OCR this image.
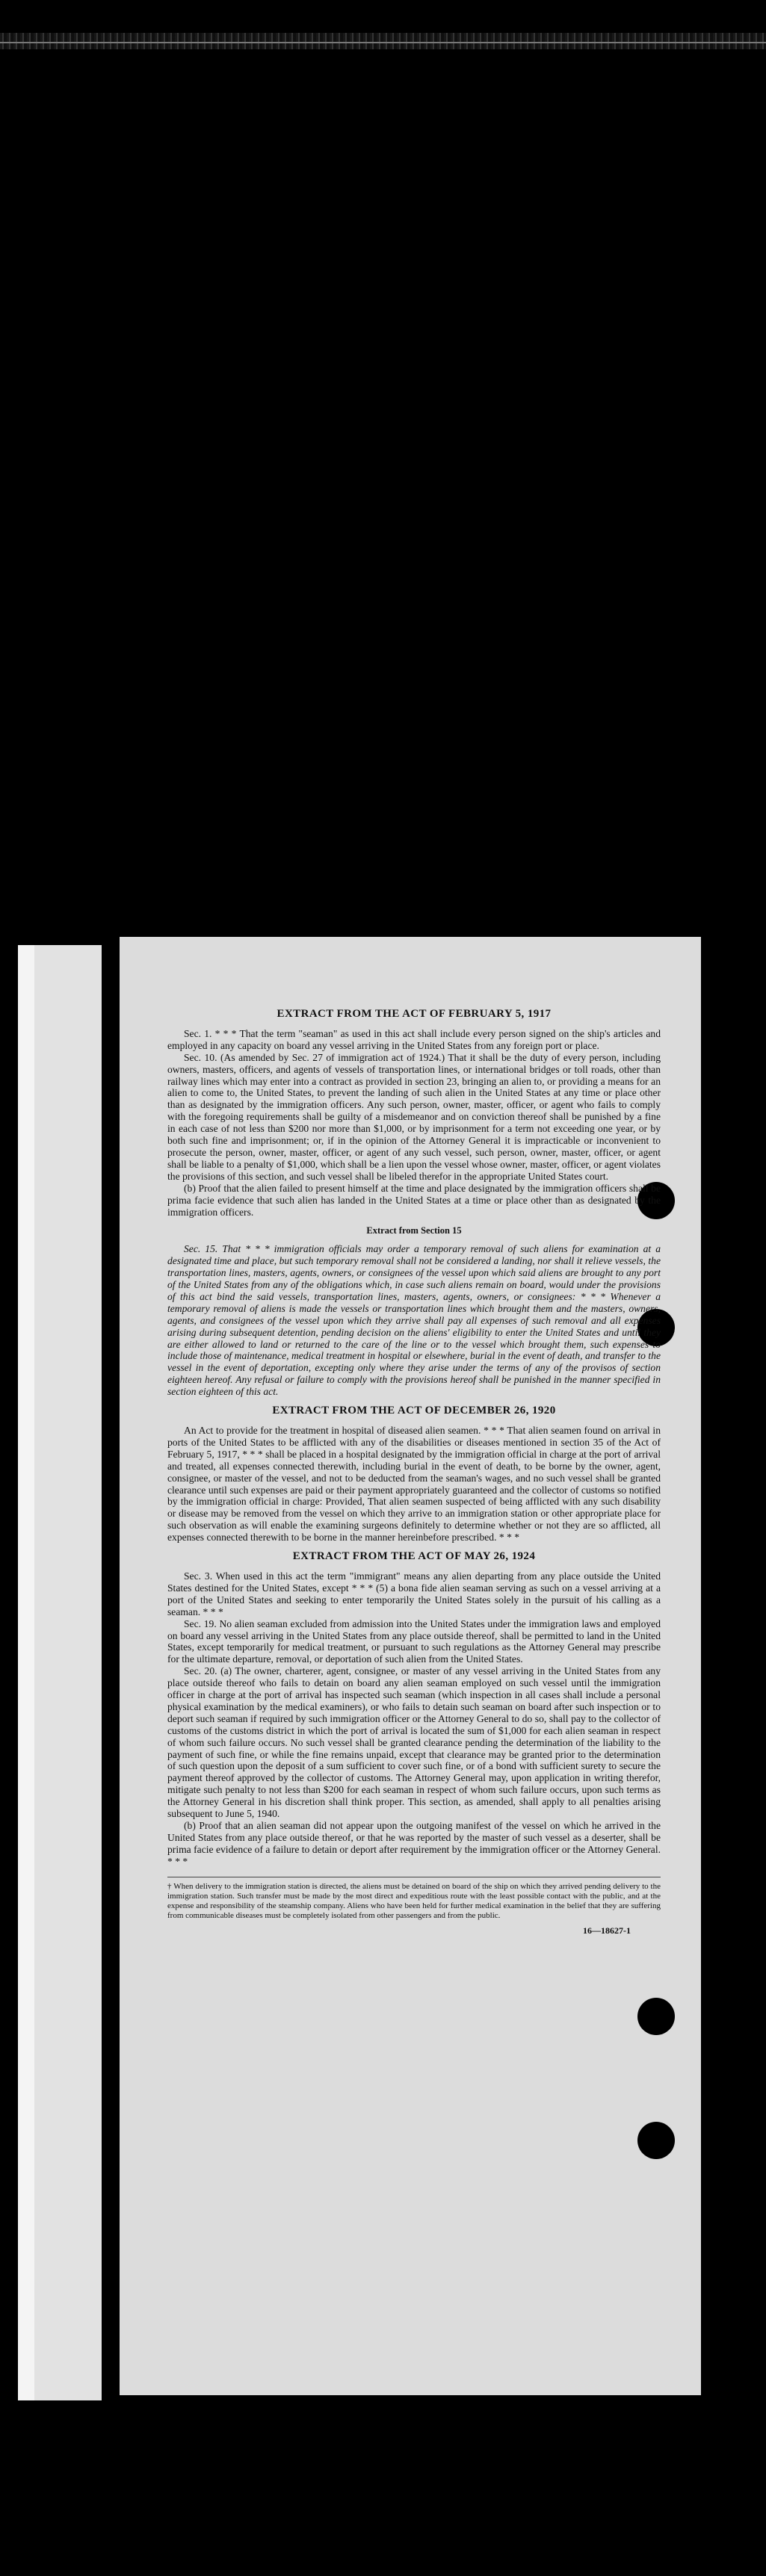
EXTRACT FROM THE ACT OF FEBRUARY 5, 1917

Sec. 1. * * * That the term "seaman" as used in this act shall include every person signed on the ship's articles and employed in any capacity on board any vessel arriving in the United States from any foreign port or place.

Sec. 10. (As amended by Sec. 27 of immigration act of 1924.) That it shall be the duty of every person, including owners, masters, officers, and agents of vessels of transportation lines, or international bridges or toll roads, other than railway lines which may enter into a contract as provided in section 23, bringing an alien to, or providing a means for an alien to come to, the United States, to prevent the landing of such alien in the United States at any time or place other than as designated by the immigration officers. Any such person, owner, master, officer, or agent who fails to comply with the foregoing requirements shall be guilty of a misdemeanor and on conviction thereof shall be punished by a fine in each case of not less than $200 nor more than $1,000, or by imprisonment for a term not exceeding one year, or by both such fine and imprisonment; or, if in the opinion of the Attorney General it is impracticable or inconvenient to prosecute the person, owner, master, officer, or agent of any such vessel, such person, owner, master, officer, or agent shall be liable to a penalty of $1,000, which shall be a lien upon the vessel whose owner, master, officer, or agent violates the provisions of this section, and such vessel shall be libeled therefor in the appropriate United States court.

(b) Proof that the alien failed to present himself at the time and place designated by the immigration officers shall be prima facie evidence that such alien has landed in the United States at a time or place other than as designated by the immigration officers.

Extract from Section 15

Sec. 15. That * * * immigration officials may order a temporary removal of such aliens for examination at a designated time and place, but such temporary removal shall not be considered a landing, nor shall it relieve vessels, the transportation lines, masters, agents, owners, or consignees of the vessel upon which said aliens are brought to any port of the United States from any of the obligations which, in case such aliens remain on board, would under the provisions of this act bind the said vessels, transportation lines, masters, agents, owners, or consignees: * * * Whenever a temporary removal of aliens is made the vessels or transportation lines which brought them and the masters, owners, agents, and consignees of the vessel upon which they arrive shall pay all expenses of such removal and all expenses arising during subsequent detention, pending decision on the aliens' eligibility to enter the United States and until they are either allowed to land or returned to the care of the line or to the vessel which brought them, such expenses to include those of maintenance, medical treatment in hospital or elsewhere, burial in the event of death, and transfer to the vessel in the event of deportation, excepting only where they arise under the terms of any of the provisos of section eighteen hereof. Any refusal or failure to comply with the provisions hereof shall be punished in the manner specified in section eighteen of this act.

EXTRACT FROM THE ACT OF DECEMBER 26, 1920

An Act to provide for the treatment in hospital of diseased alien seamen. * * * That alien seamen found on arrival in ports of the United States to be afflicted with any of the disabilities or diseases mentioned in section 35 of the Act of February 5, 1917, * * * shall be placed in a hospital designated by the immigration official in charge at the port of arrival and treated, all expenses connected therewith, including burial in the event of death, to be borne by the owner, agent, consignee, or master of the vessel, and not to be deducted from the seaman's wages, and no such vessel shall be granted clearance until such expenses are paid or their payment appropriately guaranteed and the collector of customs so notified by the immigration official in charge: Provided, That alien seamen suspected of being afflicted with any such disability or disease may be removed from the vessel on which they arrive to an immigration station or other appropriate place for such observation as will enable the examining surgeons definitely to determine whether or not they are so afflicted, all expenses connected therewith to be borne in the manner hereinbefore prescribed. * * *

EXTRACT FROM THE ACT OF MAY 26, 1924

Sec. 3. When used in this act the term "immigrant" means any alien departing from any place outside the United States destined for the United States, except * * * (5) a bona fide alien seaman serving as such on a vessel arriving at a port of the United States and seeking to enter temporarily the United States solely in the pursuit of his calling as a seaman. * * *

Sec. 19. No alien seaman excluded from admission into the United States under the immigration laws and employed on board any vessel arriving in the United States from any place outside thereof, shall be permitted to land in the United States, except temporarily for medical treatment, or pursuant to such regulations as the Attorney General may prescribe for the ultimate departure, removal, or deportation of such alien from the United States.

Sec. 20. (a) The owner, charterer, agent, consignee, or master of any vessel arriving in the United States from any place outside thereof who fails to detain on board any alien seaman employed on such vessel until the immigration officer in charge at the port of arrival has inspected such seaman (which inspection in all cases shall include a personal physical examination by the medical examiners), or who fails to detain such seaman on board after such inspection or to deport such seaman if required by such immigration officer or the Attorney General to do so, shall pay to the collector of customs of the customs district in which the port of arrival is located the sum of $1,000 for each alien seaman in respect of whom such failure occurs. No such vessel shall be granted clearance pending the determination of the liability to the payment of such fine, or while the fine remains unpaid, except that clearance may be granted prior to the determination of such question upon the deposit of a sum sufficient to cover such fine, or of a bond with sufficient surety to secure the payment thereof approved by the collector of customs. The Attorney General may, upon application in writing therefor, mitigate such penalty to not less than $200 for each seaman in respect of whom such failure occurs, upon such terms as the Attorney General in his discretion shall think proper. This section, as amended, shall apply to all penalties arising subsequent to June 5, 1940.

(b) Proof that an alien seaman did not appear upon the outgoing manifest of the vessel on which he arrived in the United States from any place outside thereof, or that he was reported by the master of such vessel as a deserter, shall be prima facie evidence of a failure to detain or deport after requirement by the immigration officer or the Attorney General. * * *

† When delivery to the immigration station is directed, the aliens must be detained on board of the ship on which they arrived pending delivery to the immigration station. Such transfer must be made by the most direct and expeditious route with the least possible contact with the public, and at the expense and responsibility of the steamship company. Aliens who have been held for further medical examination in the belief that they are suffering from communicable diseases must be completely isolated from other passengers and from the public.
16—18627-1
